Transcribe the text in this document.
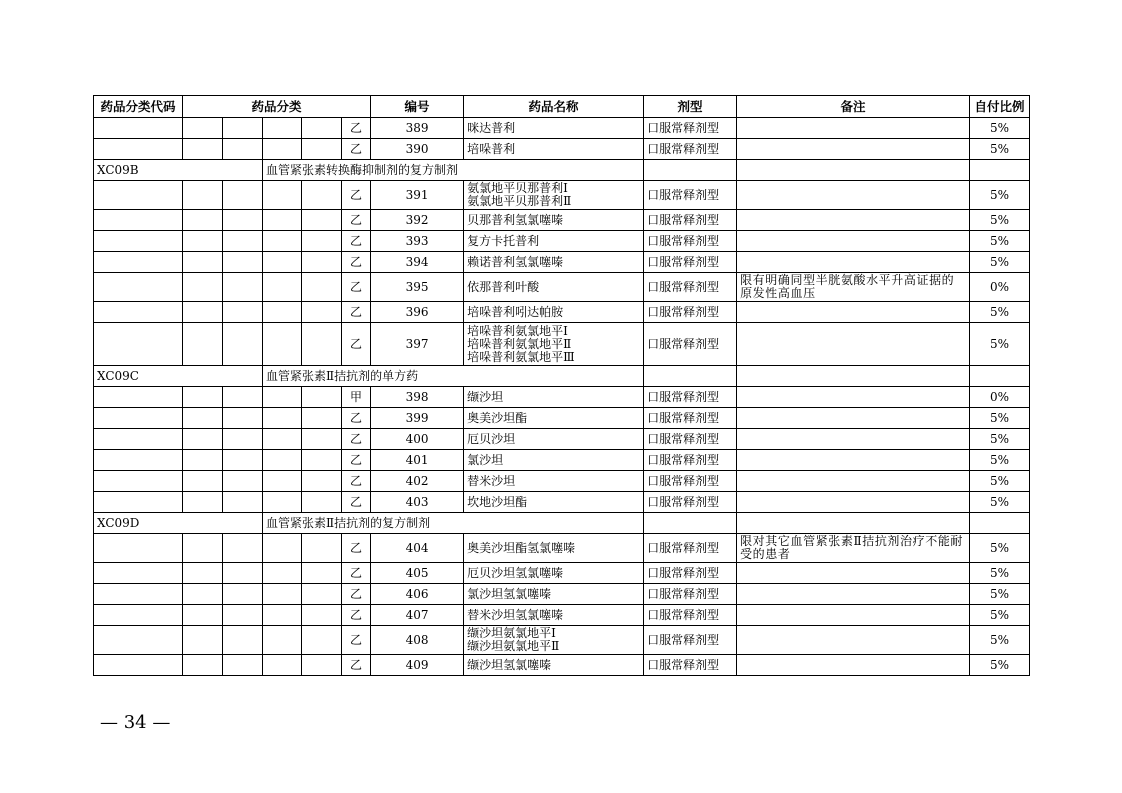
药品分类代码	药品分类					编号	药品名称	剂型	备注	自付比例
					乙	389	咪达普利	口服常释剂型		5%
					乙	390	培哚普利	口服常释剂型		5%
XC09B			血管紧张素转换酶抑制剂的复方制剂							
					乙	391	氨氯地平贝那普利Ⅰ
氨氯地平贝那普利Ⅱ	口服常释剂型		5%
					乙	392	贝那普利氢氯噻嗪	口服常释剂型		5%
					乙	393	复方卡托普利	口服常释剂型		5%
					乙	394	赖诺普利氢氯噻嗪	口服常释剂型		5%
					乙	395	依那普利叶酸	口服常释剂型	限有明确同型半胱氨酸水平升高证据的原发性高血压	0%
					乙	396	培哚普利吲达帕胺	口服常释剂型		5%
					乙	397	培哚普利氨氯地平Ⅰ
培哚普利氨氯地平Ⅱ
培哚普利氨氯地平Ⅲ	口服常释剂型		5%
XC09C			血管紧张素Ⅱ拮抗剂的单方药							
					甲	398	缬沙坦	口服常释剂型		0%
					乙	399	奥美沙坦酯	口服常释剂型		5%
					乙	400	厄贝沙坦	口服常释剂型		5%
					乙	401	氯沙坦	口服常释剂型		5%
					乙	402	替米沙坦	口服常释剂型		5%
					乙	403	坎地沙坦酯	口服常释剂型		5%
XC09D			血管紧张素Ⅱ拮抗剂的复方制剂							
					乙	404	奥美沙坦酯氢氯噻嗪	口服常释剂型	限对其它血管紧张素Ⅱ拮抗剂治疗不能耐受的患者	5%
					乙	405	厄贝沙坦氢氯噻嗪	口服常释剂型		5%
					乙	406	氯沙坦氢氯噻嗪	口服常释剂型		5%
					乙	407	替米沙坦氢氯噻嗪	口服常释剂型		5%
					乙	408	缬沙坦氨氯地平Ⅰ
缬沙坦氨氯地平Ⅱ	口服常释剂型		5%
					乙	409	缬沙坦氢氯噻嗪	口服常释剂型		5%
— 34 —
